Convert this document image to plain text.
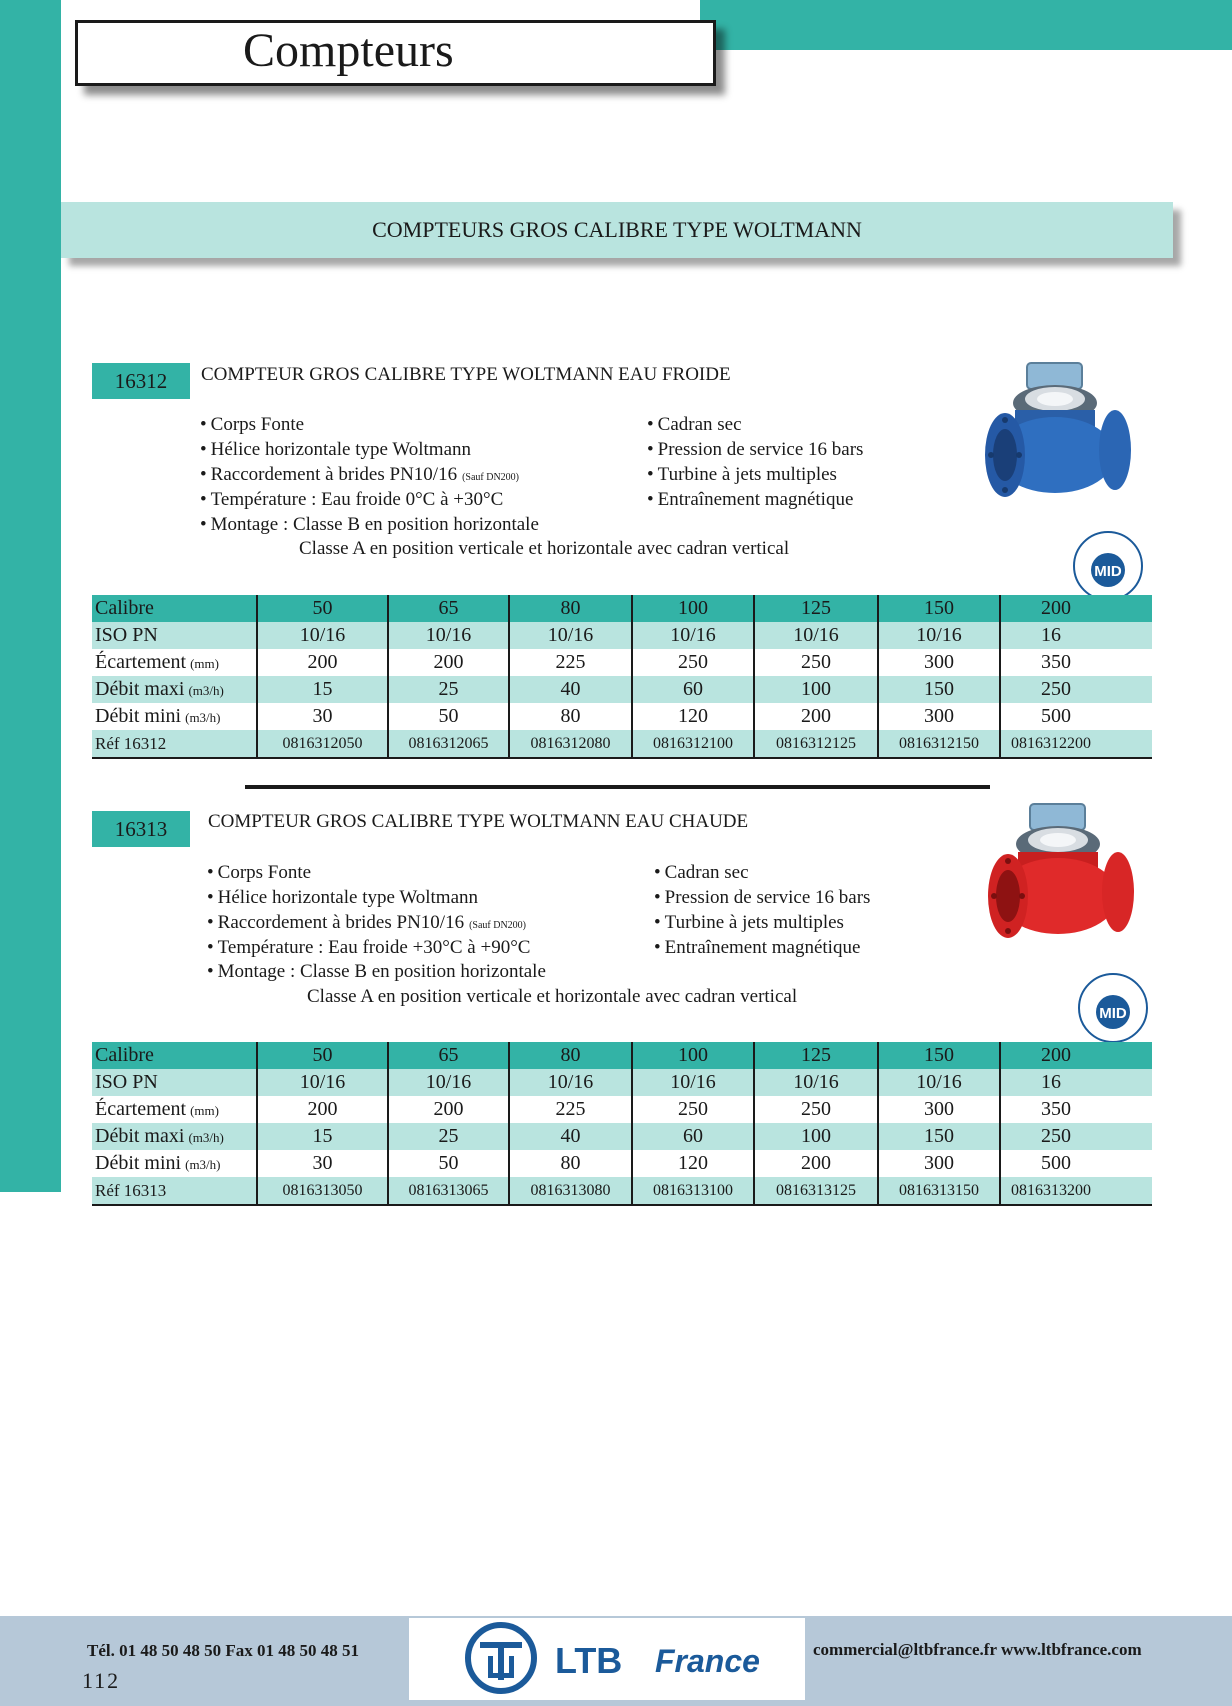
Compteurs
COMPTEURS GROS CALIBRE TYPE WOLTMANN
16312	COMPTEUR GROS CALIBRE TYPE WOLTMANN EAU FROIDE
• Corps Fonte
• Hélice horizontale type Woltmann
• Raccordement à brides PN10/16 (Sauf DN200)
• Température : Eau froide 0°C à +30°C
• Montage : Classe B en position horizontale
Classe A en position verticale et horizontale avec cadran vertical
• Cadran sec
• Pression de service 16 bars
• Turbine à jets multiples
• Entraînement magnétique
MID
Calibre	50	65	80	100	125	150	200
ISO PN	10/16	10/16	10/16	10/16	10/16	10/16	16
Écartement (mm)	200	200	225	250	250	300	350
Débit maxi (m3/h)	15	25	40	60	100	150	250
Débit mini (m3/h)	30	50	80	120	200	300	500
Réf 16312	0816312050	0816312065	0816312080	0816312100	0816312125	0816312150	0816312200
16313	COMPTEUR GROS CALIBRE TYPE WOLTMANN EAU CHAUDE
• Corps Fonte
• Hélice horizontale type Woltmann
• Raccordement à brides PN10/16 (Sauf DN200)
• Température : Eau froide +30°C à +90°C
• Montage : Classe B en position horizontale
Classe A en position verticale et horizontale avec cadran vertical
• Cadran sec
• Pression de service 16 bars
• Turbine à jets multiples
• Entraînement magnétique
MID
Calibre	50	65	80	100	125	150	200
ISO PN	10/16	10/16	10/16	10/16	10/16	10/16	16
Écartement (mm)	200	200	225	250	250	300	350
Débit maxi (m3/h)	15	25	40	60	100	150	250
Débit mini (m3/h)	30	50	80	120	200	300	500
Réf 16313	0816313050	0816313065	0816313080	0816313100	0816313125	0816313150	0816313200
Tél. 01 48 50 48 50 Fax 01 48 50 48 51
112	LTB France	commercial@ltbfrance.fr www.ltbfrance.com
